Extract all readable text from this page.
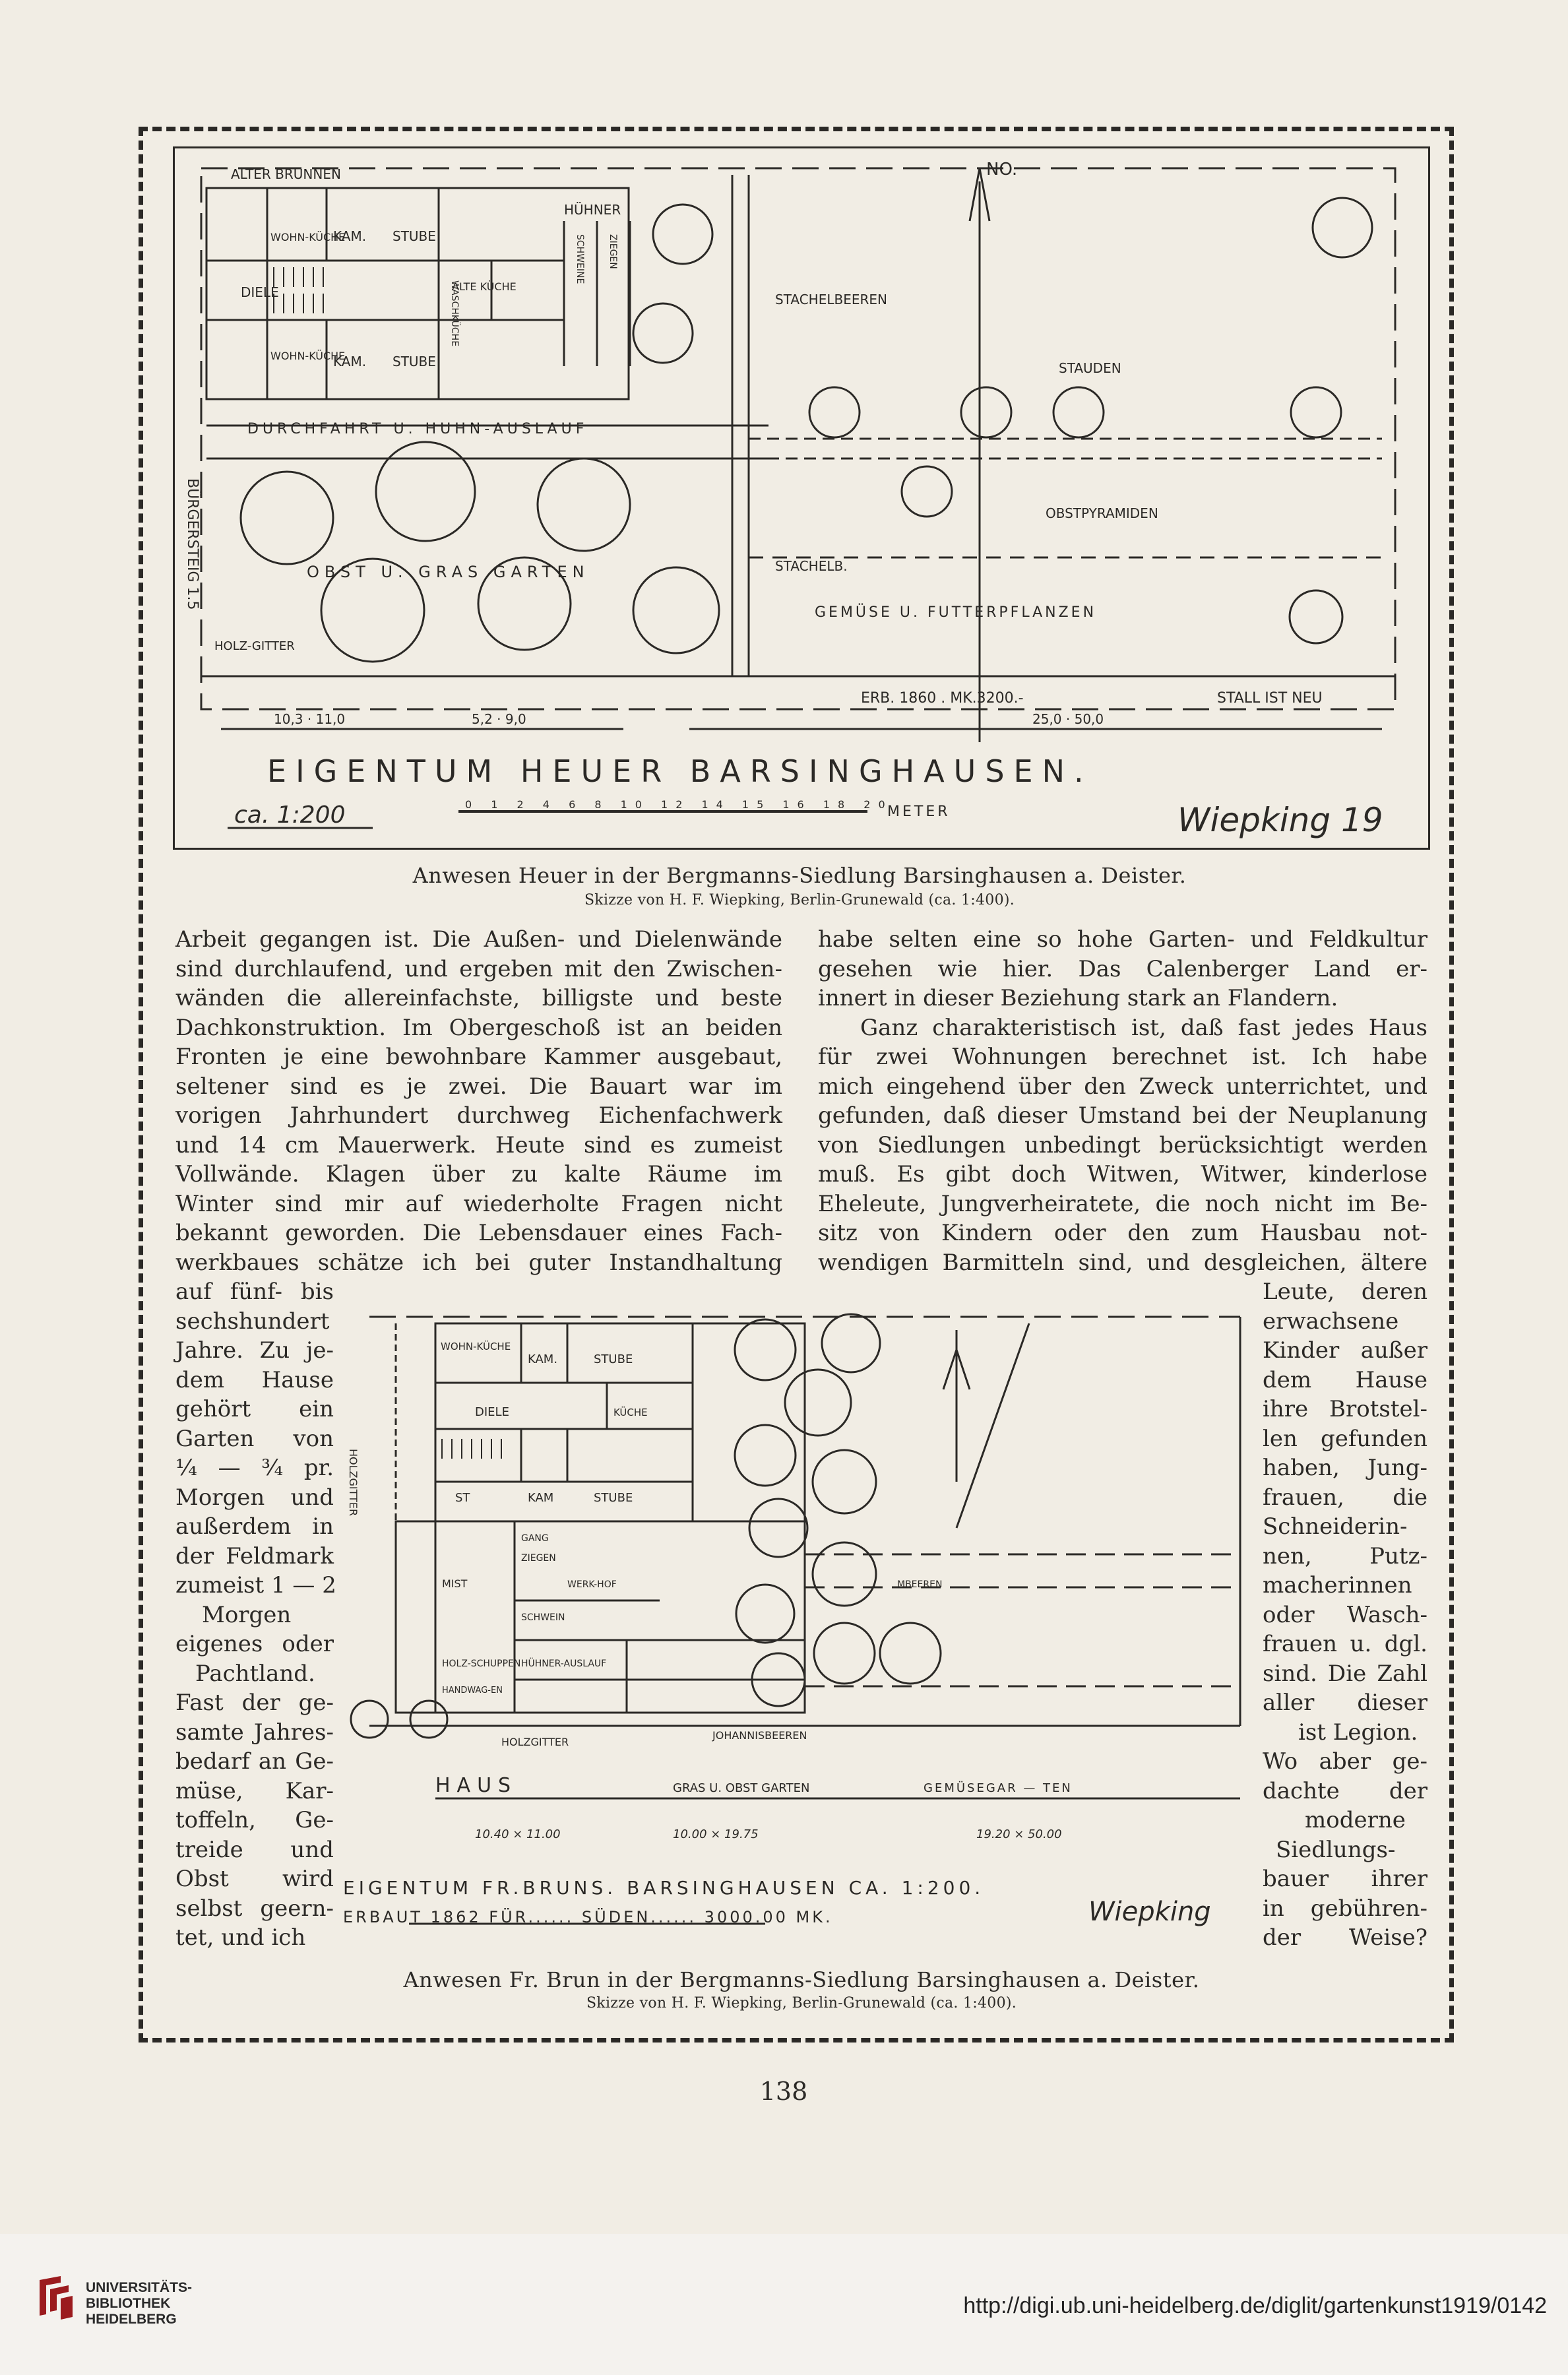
ALTER BRUNNEN	NO.
WOHN-KÜCHE
KAM. STUBE
HÜHNER
DIELE	ALTE KÜCHE
WASCHKÜCHE
SCHWEINE ZIEGEN
WOHN-KÜCHE
KAM. STUBE
DURCHFAHRT U. HUHN-AUSLAUF
STACHELBEEREN
STAUDEN
OBSTPYRAMIDEN
OBST U. GRAS GARTEN	STACHELB.
GEMÜSE U. FUTTERPFLANZEN
HOLZ-GITTER
ERB. 1860 . MK.3200.-	STALL IST NEU
BÜRGERSTEIG 1.5
10,3 · 11,0	5,2 · 9,0	25,0 · 50,0
EIGENTUM HEUER BARSINGHAUSEN.
ca. 1:200	0 1 2 4 6 8 10 12 14 15 16 18 20
METER	Wiepking 19
Anwesen Heuer in der Bergmanns-Siedlung Barsinghausen a. Deister.
Skizze von H. F. Wiepking, Berlin-Grunewald (ca. 1:400).
Arbeit gegangen ist. Die Außen- und Dielenwände
sind durchlaufend, und ergeben mit den Zwischen-
wänden die allereinfachste, billigste und beste
Dachkonstruktion. Im Obergeschoß ist an beiden
Fronten je eine bewohnbare Kammer ausgebaut,
seltener sind es je zwei. Die Bauart war im
vorigen Jahrhundert durchweg Eichenfachwerk
und 14 cm Mauerwerk. Heute sind es zumeist
Vollwände. Klagen über zu kalte Räume im
Winter sind mir auf wiederholte Fragen nicht
bekannt geworden. Die Lebensdauer eines Fach-
werkbaues schätze ich bei guter Instandhaltung
habe selten eine so hohe Garten- und Feldkultur
gesehen wie hier. Das Calenberger Land er-
innert in dieser Beziehung stark an Flandern.
Ganz charakteristisch ist, daß fast jedes Haus
für zwei Wohnungen berechnet ist. Ich habe
mich eingehend über den Zweck unterrichtet, und
gefunden, daß dieser Umstand bei der Neuplanung
von Siedlungen unbedingt berücksichtigt werden
muß. Es gibt doch Witwen, Witwer, kinderlose
Eheleute, Jungverheiratete, die noch nicht im Be-
sitz von Kindern oder den zum Hausbau not-
wendigen Barmitteln sind, und desgleichen, ältere
auf fünf- bis
sechshundert
Jahre. Zu je-
dem Hause
gehört ein
Garten von
¼ — ¾ pr.
Morgen und
außerdem in
der Feldmark
zumeist 1 — 2
Morgen
eigenes oder
Pachtland.
Fast der ge-
samte Jahres-
bedarf an Ge-
müse, Kar-
toffeln, Ge-
treide und
Obst wird
selbst geern-
tet, und ich
Leute, deren
erwachsene
Kinder außer
dem Hause
ihre Brotstel-
len gefunden
haben, Jung-
frauen, die
Schneiderin-
nen, Putz-
macherinnen
oder Wasch-
frauen u. dgl.
sind. Die Zahl
aller dieser
ist Legion.
Wo aber ge-
dachte der
moderne
Siedlungs-
bauer ihrer
in gebühren-
der Weise?
WOHN-KÜCHE
KAM.	STUBE
DIELE	KÜCHE
ST	KAM	STUBE
GANG
ZIEGEN
MIST	WERK-HOF
SCHWEIN
HOLZ-SCHUPPEN HÜHNER-AUSLAUF
HANDWAG-EN
HOLZGITTER
HOLZGITTER
JOHANNISBEEREN
MBEEREN
HAUS	GRAS U. OBST GARTEN	GEMÜSEGAR — TEN
10.40 × 11.00	10.00 × 19.75	19.20 × 50.00
EIGENTUM FR.BRUNS. BARSINGHAUSEN CA. 1:200.
ERBAUT 1862 FÜR...... SÜDEN...... 3000.00 MK.	Wiepking
Anwesen Fr. Brun in der Bergmanns-Siedlung Barsinghausen a. Deister.
Skizze von H. F. Wiepking, Berlin-Grunewald (ca. 1:400).
138
UNIVERSITÄTS-
BIBLIOTHEK
HEIDELBERG
http://digi.ub.uni-heidelberg.de/diglit/gartenkunst1919/0142
